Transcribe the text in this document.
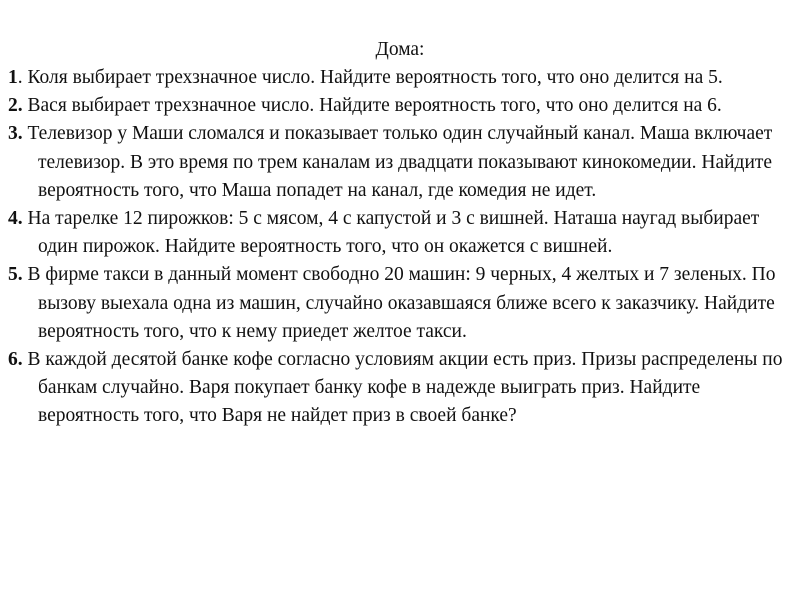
Дома:
1. Коля выбирает трехзначное число. Найдите вероятность того, что оно делится на 5.
2. Вася выбирает трехзначное число. Найдите вероятность того, что оно делится на 6.
3. Телевизор у Маши сломался и показывает только один случайный канал. Маша включает телевизор. В это время по трем каналам из двадцати показывают кинокомедии. Найдите вероятность того, что Маша попадет на канал, где комедия не идет.
4. На тарелке 12 пирожков: 5 с мясом, 4 с капустой и 3 с вишней. Наташа наугад выбирает один пирожок. Найдите вероятность того, что он окажется с вишней.
5. В фирме такси в данный момент свободно 20 машин: 9 черных, 4 желтых и 7 зеленых. По вызову выехала одна из машин, случайно оказавшаяся ближе всего к заказчику. Найдите вероятность того, что к нему приедет желтое такси.
6. В каждой десятой банке кофе согласно условиям акции есть приз. Призы распределены по банкам случайно. Варя покупает банку кофе в надежде выиграть приз. Найдите вероятность того, что Варя не найдет приз в своей банке?
